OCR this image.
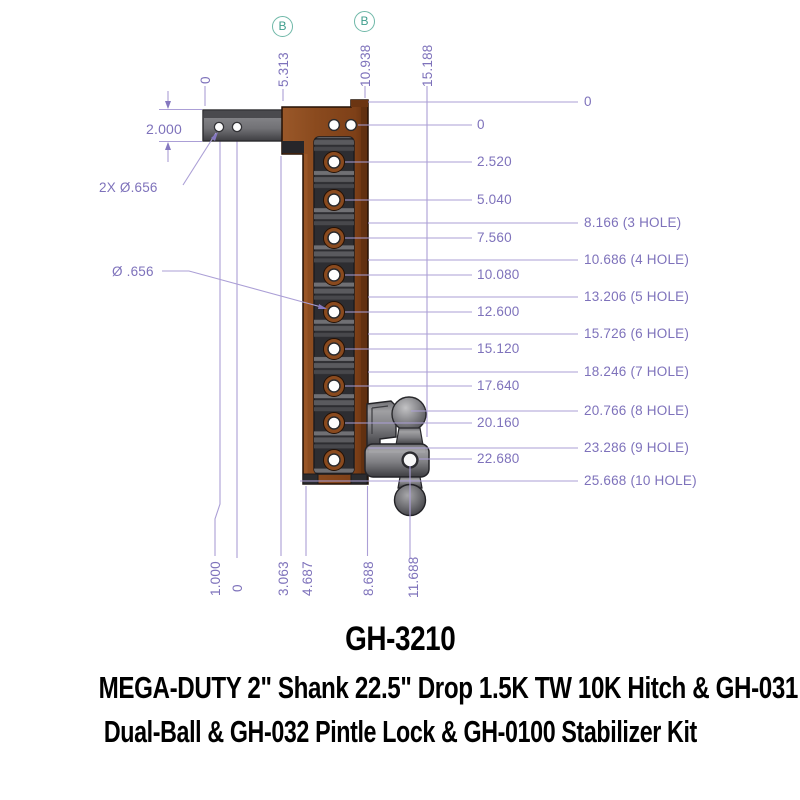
B	B
0	5.313	10.938	15.188
1.000 0 3.063 4.687	8.688 11.688
2.000
2X Ø.656
Ø .656
0
2.520
5.040
7.560
10.080
12.600
15.120
17.640
20.160
22.680
0
8.166 (3 HOLE)
10.686 (4 HOLE)
13.206 (5 HOLE)
15.726 (6 HOLE)
18.246 (7 HOLE)
20.766 (8 HOLE)
23.286 (9 HOLE)
25.668 (10 HOLE)
GH-3210
MEGA-DUTY 2" Shank 22.5" Drop 1.5K TW 10K Hitch & GH-031
Dual-Ball & GH-032 Pintle Lock & GH-0100 Stabilizer Kit
